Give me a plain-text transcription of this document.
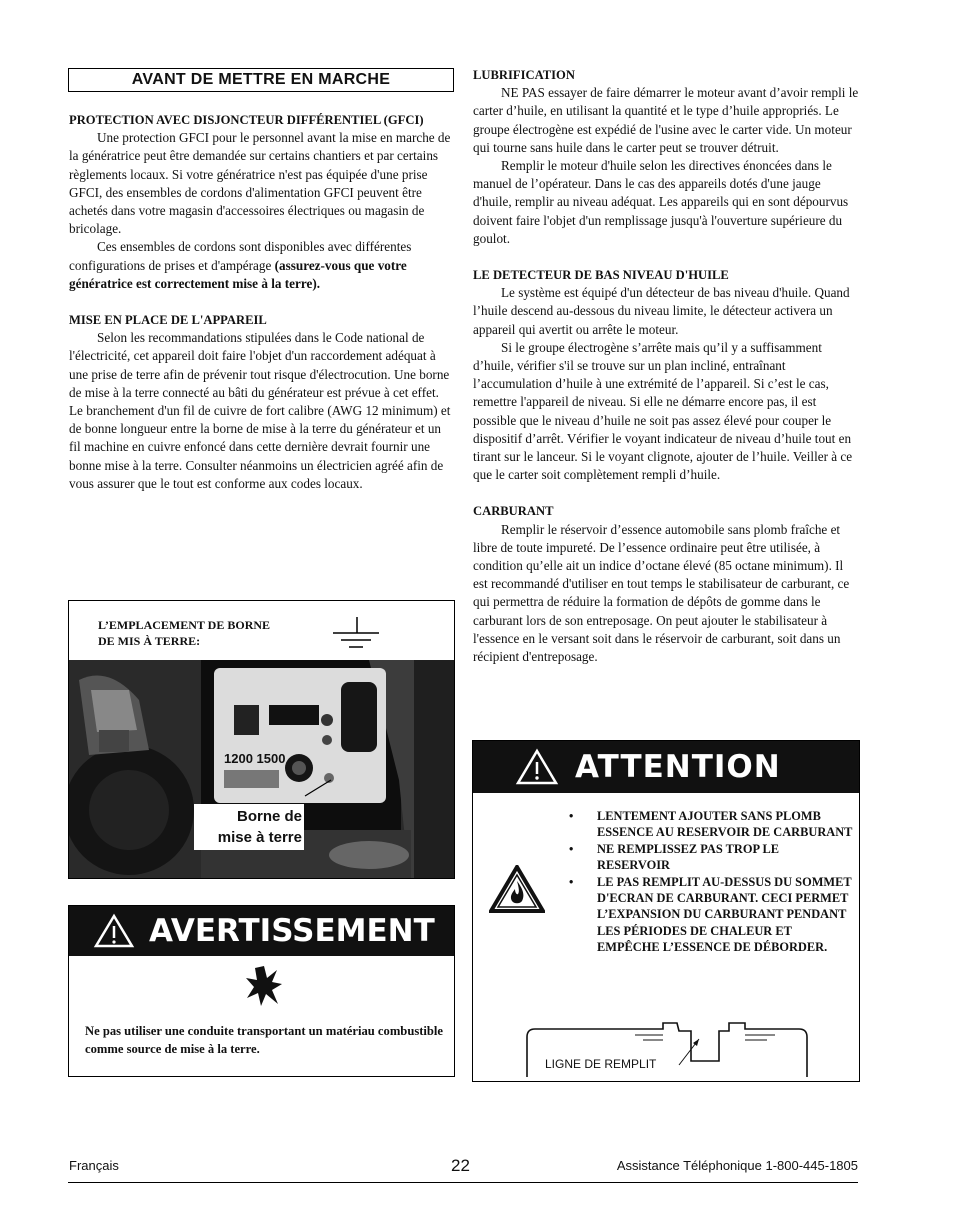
AVANT DE METTRE EN MARCHE

PROTECTION AVEC DISJONCTEUR DIFFÉRENTIEL (GFCI)

Une protection GFCI pour le personnel avant la mise en marche de la génératrice peut être demandée sur certains chantiers et par certains règlements locaux. Si votre génératrice n'est pas équipée d'une prise GFCI, des ensembles de cordons d'alimentation GFCI peuvent être achetés dans votre magasin d'accessoires électriques ou magasin de bricolage.

Ces ensembles de cordons sont disponibles avec différentes configurations de prises et d'ampérage (assurez-vous que votre génératrice est correctement mise à la terre).

MISE EN PLACE DE L'APPAREIL

Selon les recommandations stipulées dans le Code national de l'électricité, cet appareil doit faire l'objet d'un raccordement adéquat à une prise de terre afin de prévenir tout risque d'électrocution. Une borne de mise à la terre connecté au bâti du générateur est prévue à cet effet. Le branchement d'un fil de cuivre de fort calibre (AWG 12 minimum) et de bonne longueur entre la borne de mise à la terre du générateur et un fil machine en cuivre enfoncé dans cette dernière devrait fournir une bonne mise à la terre. Consulter néanmoins un électricien agréé afin de vous assurer que le tout est conforme aux codes locaux.

L’EMPLACEMENT DE BORNE
DE MIS À TERRE:
1200 1500
Borne de
mise à terre
AVERTISSEMENT
Ne pas utiliser une conduite transportant un matériau combustible comme source de mise à la terre.

LUBRIFICATION

NE PAS essayer de faire démarrer le moteur avant d’avoir rempli le carter d’huile, en utilisant la quantité et le type d’huile appropriés. Le groupe électrogène est expédié de l'usine avec le carter vide. Un moteur qui tourne sans huile dans le carter peut se trouver détruit.

Remplir le moteur d'huile selon les directives énoncées dans le manuel de l’opérateur. Dans le cas des appareils dotés d'une jauge d'huile, remplir au niveau adéquat. Les appareils qui en sont dépourvus doivent faire l'objet d'un remplissage jusqu'à l'ouverture supérieure du goulot.

LE DETECTEUR DE BAS NIVEAU D'HUILE

Le système est équipé d'un détecteur de bas niveau d'huile. Quand l’huile descend au-dessous du niveau limite, le détecteur activera un appareil qui avertit ou arrête le moteur.

Si le groupe électrogène s’arrête mais qu’il y a suffisamment d’huile, vérifier s'il se trouve sur un plan incliné, entraînant l’accumulation d’huile à une extrémité de l’appareil. Si c’est le cas, remettre l'appareil de niveau. Si elle ne démarre encore pas, il est possible que le niveau d’huile ne soit pas assez élevé pour couper le dispositif d’arrêt. Vérifier le voyant indicateur de niveau d’huile tout en tirant sur le lanceur. Si le voyant clignote, ajouter de l’huile. Veiller à ce que le carter soit complètement rempli d’huile.

CARBURANT

Remplir le réservoir d’essence automobile sans plomb fraîche et libre de toute impureté. De l’essence ordinaire peut être utilisée, à condition qu’elle ait un indice d’octane élevé (85 octane minimum). Il est recommandé d'utiliser en tout temps le stabilisateur de carburant, ce qui permettra de réduire la formation de dépôts de gomme dans le carburant lors de son entreposage. On peut ajouter le stabilisateur à l'essence en le versant soit dans le réservoir de carburant, soit dans un récipient d'entreposage.

ATTENTION
• LENTEMENT AJOUTER SANS PLOMB ESSENCE AU RESERVOIR DE CARBURANT
• NE REMPLISSEZ PAS TROP LE RESERVOIR
• LE PAS REMPLIT AU-DESSUS DU SOMMET D'ECRAN DE CARBURANT. CECI PERMET L’EXPANSION DU CARBURANT PENDANT LES PÉRIODES DE CHALEUR ET EMPÊCHE L’ESSENCE DE DÉBORDER.
LIGNE DE REMPLIT
Français	22	Assistance Téléphonique 1-800-445-1805
